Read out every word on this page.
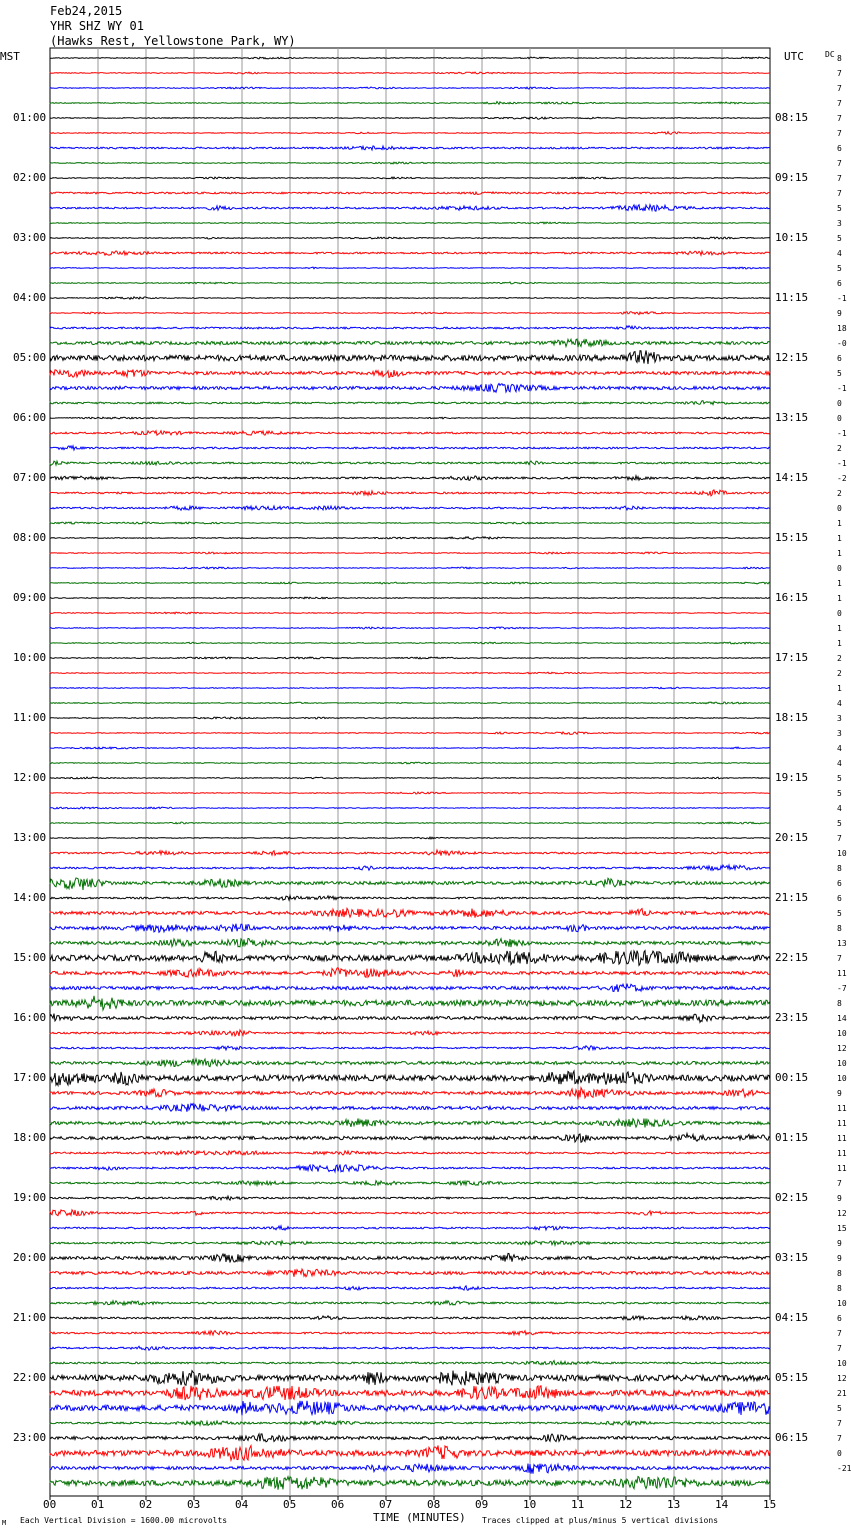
Feb24,2015
YHR SHZ WY 01
(Hawks Rest, Yellowstone Park, WY)
MST	UTC	DC
00	01	02	03	04	05	06	07	08	09	10	11	12	13	14	15
8
7
7
7
7
7
6
7
7
7
5
3
5
4
5
6
-1
9
18
-0
6
5
-1
0
0
-1
2
-1
-2
2
0
1
1
1
0
1
1
0
1
1
2
2
1
4
3
3
4
4
5
5
4
5
7
10
8
6
6
5
8
13
7
11
-7
8
14
10
12
10
10
9
11
11
11
11
11
7
9
12
15
9
9
8
8
10
6
7
7
10
12
21
5
7
7
0
-21
01:00	08:15
02:00	09:15
03:00	10:15
04:00	11:15
05:00	12:15
06:00	13:15
07:00	14:15
08:00	15:15
09:00	16:15
10:00	17:15
11:00	18:15
12:00	19:15
13:00	20:15
14:00	21:15
15:00	22:15
16:00	23:15
17:00	00:15
18:00	01:15
19:00	02:15
20:00	03:15
21:00	04:15
22:00	05:15
23:00	06:15
M Each Vertical Division = 1600.00 microvolts	TIME (MINUTES) Traces clipped at plus/minus 5 vertical divisions
